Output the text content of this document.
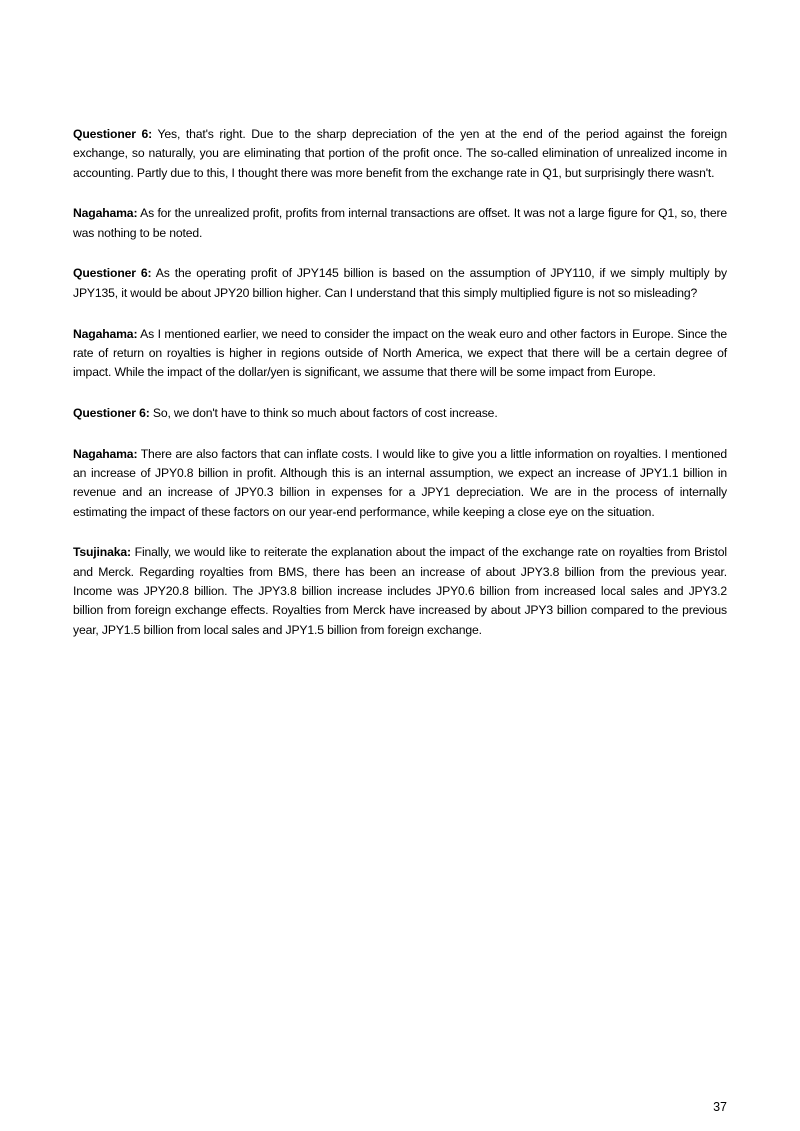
Questioner 6: Yes, that's right. Due to the sharp depreciation of the yen at the end of the period against the foreign exchange, so naturally, you are eliminating that portion of the profit once. The so-called elimination of unrealized income in accounting. Partly due to this, I thought there was more benefit from the exchange rate in Q1, but surprisingly there wasn't.

Nagahama: As for the unrealized profit, profits from internal transactions are offset. It was not a large figure for Q1, so, there was nothing to be noted.

Questioner 6: As the operating profit of JPY145 billion is based on the assumption of JPY110, if we simply multiply by JPY135, it would be about JPY20 billion higher. Can I understand that this simply multiplied figure is not so misleading?

Nagahama: As I mentioned earlier, we need to consider the impact on the weak euro and other factors in Europe. Since the rate of return on royalties is higher in regions outside of North America, we expect that there will be a certain degree of impact. While the impact of the dollar/yen is significant, we assume that there will be some impact from Europe.

Questioner 6: So, we don't have to think so much about factors of cost increase.

Nagahama: There are also factors that can inflate costs. I would like to give you a little information on royalties. I mentioned an increase of JPY0.8 billion in profit. Although this is an internal assumption, we expect an increase of JPY1.1 billion in revenue and an increase of JPY0.3 billion in expenses for a JPY1 depreciation. We are in the process of internally estimating the impact of these factors on our year-end performance, while keeping a close eye on the situation.

Tsujinaka: Finally, we would like to reiterate the explanation about the impact of the exchange rate on royalties from Bristol and Merck. Regarding royalties from BMS, there has been an increase of about JPY3.8 billion from the previous year. Income was JPY20.8 billion. The JPY3.8 billion increase includes JPY0.6 billion from increased local sales and JPY3.2 billion from foreign exchange effects. Royalties from Merck have increased by about JPY3 billion compared to the previous year, JPY1.5 billion from local sales and JPY1.5 billion from foreign exchange.

37
